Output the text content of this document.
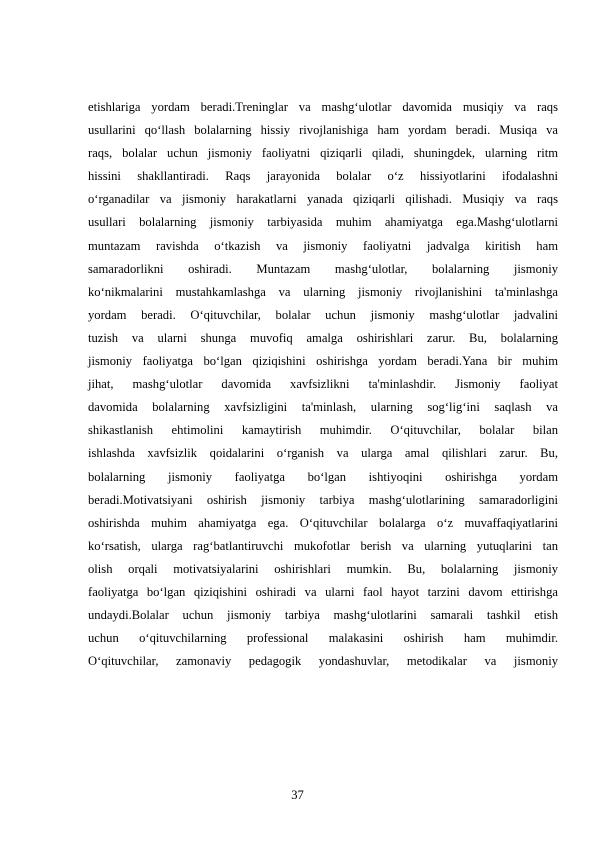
etishlariga yordam beradi.Treninglar va mashg‘ulotlar davomida musiqiy va raqs
usullarini qo‘llash bolalarning hissiy rivojlanishiga ham yordam beradi. Musiqa va
raqs, bolalar uchun jismoniy faoliyatni qiziqarli qiladi, shuningdek, ularning ritm
hissini shakllantiradi. Raqs jarayonida bolalar o‘z hissiyotlarini ifodalashni
o‘rganadilar va jismoniy harakatlarni yanada qiziqarli qilishadi. Musiqiy va raqs
usullari bolalarning jismoniy tarbiyasida muhim ahamiyatga ega.Mashg‘ulotlarni
muntazam ravishda o‘tkazish va jismoniy faoliyatni jadvalga kiritish ham
samaradorlikni oshiradi. Muntazam mashg‘ulotlar, bolalarning jismoniy
ko‘nikmalarini mustahkamlashga va ularning jismoniy rivojlanishini ta'minlashga
yordam beradi. O‘qituvchilar, bolalar uchun jismoniy mashg‘ulotlar jadvalini
tuzish va ularni shunga muvofiq amalga oshirishlari zarur. Bu, bolalarning
jismoniy faoliyatga bo‘lgan qiziqishini oshirishga yordam beradi.Yana bir muhim
jihat, mashg‘ulotlar davomida xavfsizlikni ta'minlashdir. Jismoniy faoliyat
davomida bolalarning xavfsizligini ta'minlash, ularning sog‘lig‘ini saqlash va
shikastlanish ehtimolini kamaytirish muhimdir. O‘qituvchilar, bolalar bilan
ishlashda xavfsizlik qoidalarini o‘rganish va ularga amal qilishlari zarur. Bu,
bolalarning jismoniy faoliyatga bo‘lgan ishtiyoqini oshirishga yordam
beradi.Motivatsiyani oshirish jismoniy tarbiya mashg‘ulotlarining samaradorligini
oshirishda muhim ahamiyatga ega. O‘qituvchilar bolalarga o‘z muvaffaqiyatlarini
ko‘rsatish, ularga rag‘batlantiruvchi mukofotlar berish va ularning yutuqlarini tan
olish orqali motivatsiyalarini oshirishlari mumkin. Bu, bolalarning jismoniy
faoliyatga bo‘lgan qiziqishini oshiradi va ularni faol hayot tarzini davom ettirishga
undaydi.Bolalar uchun jismoniy tarbiya mashg‘ulotlarini samarali tashkil etish
uchun o‘qituvchilarning professional malakasini oshirish ham muhimdir.
O‘qituvchilar, zamonaviy pedagogik yondashuvlar, metodikalar va jismoniy

37
